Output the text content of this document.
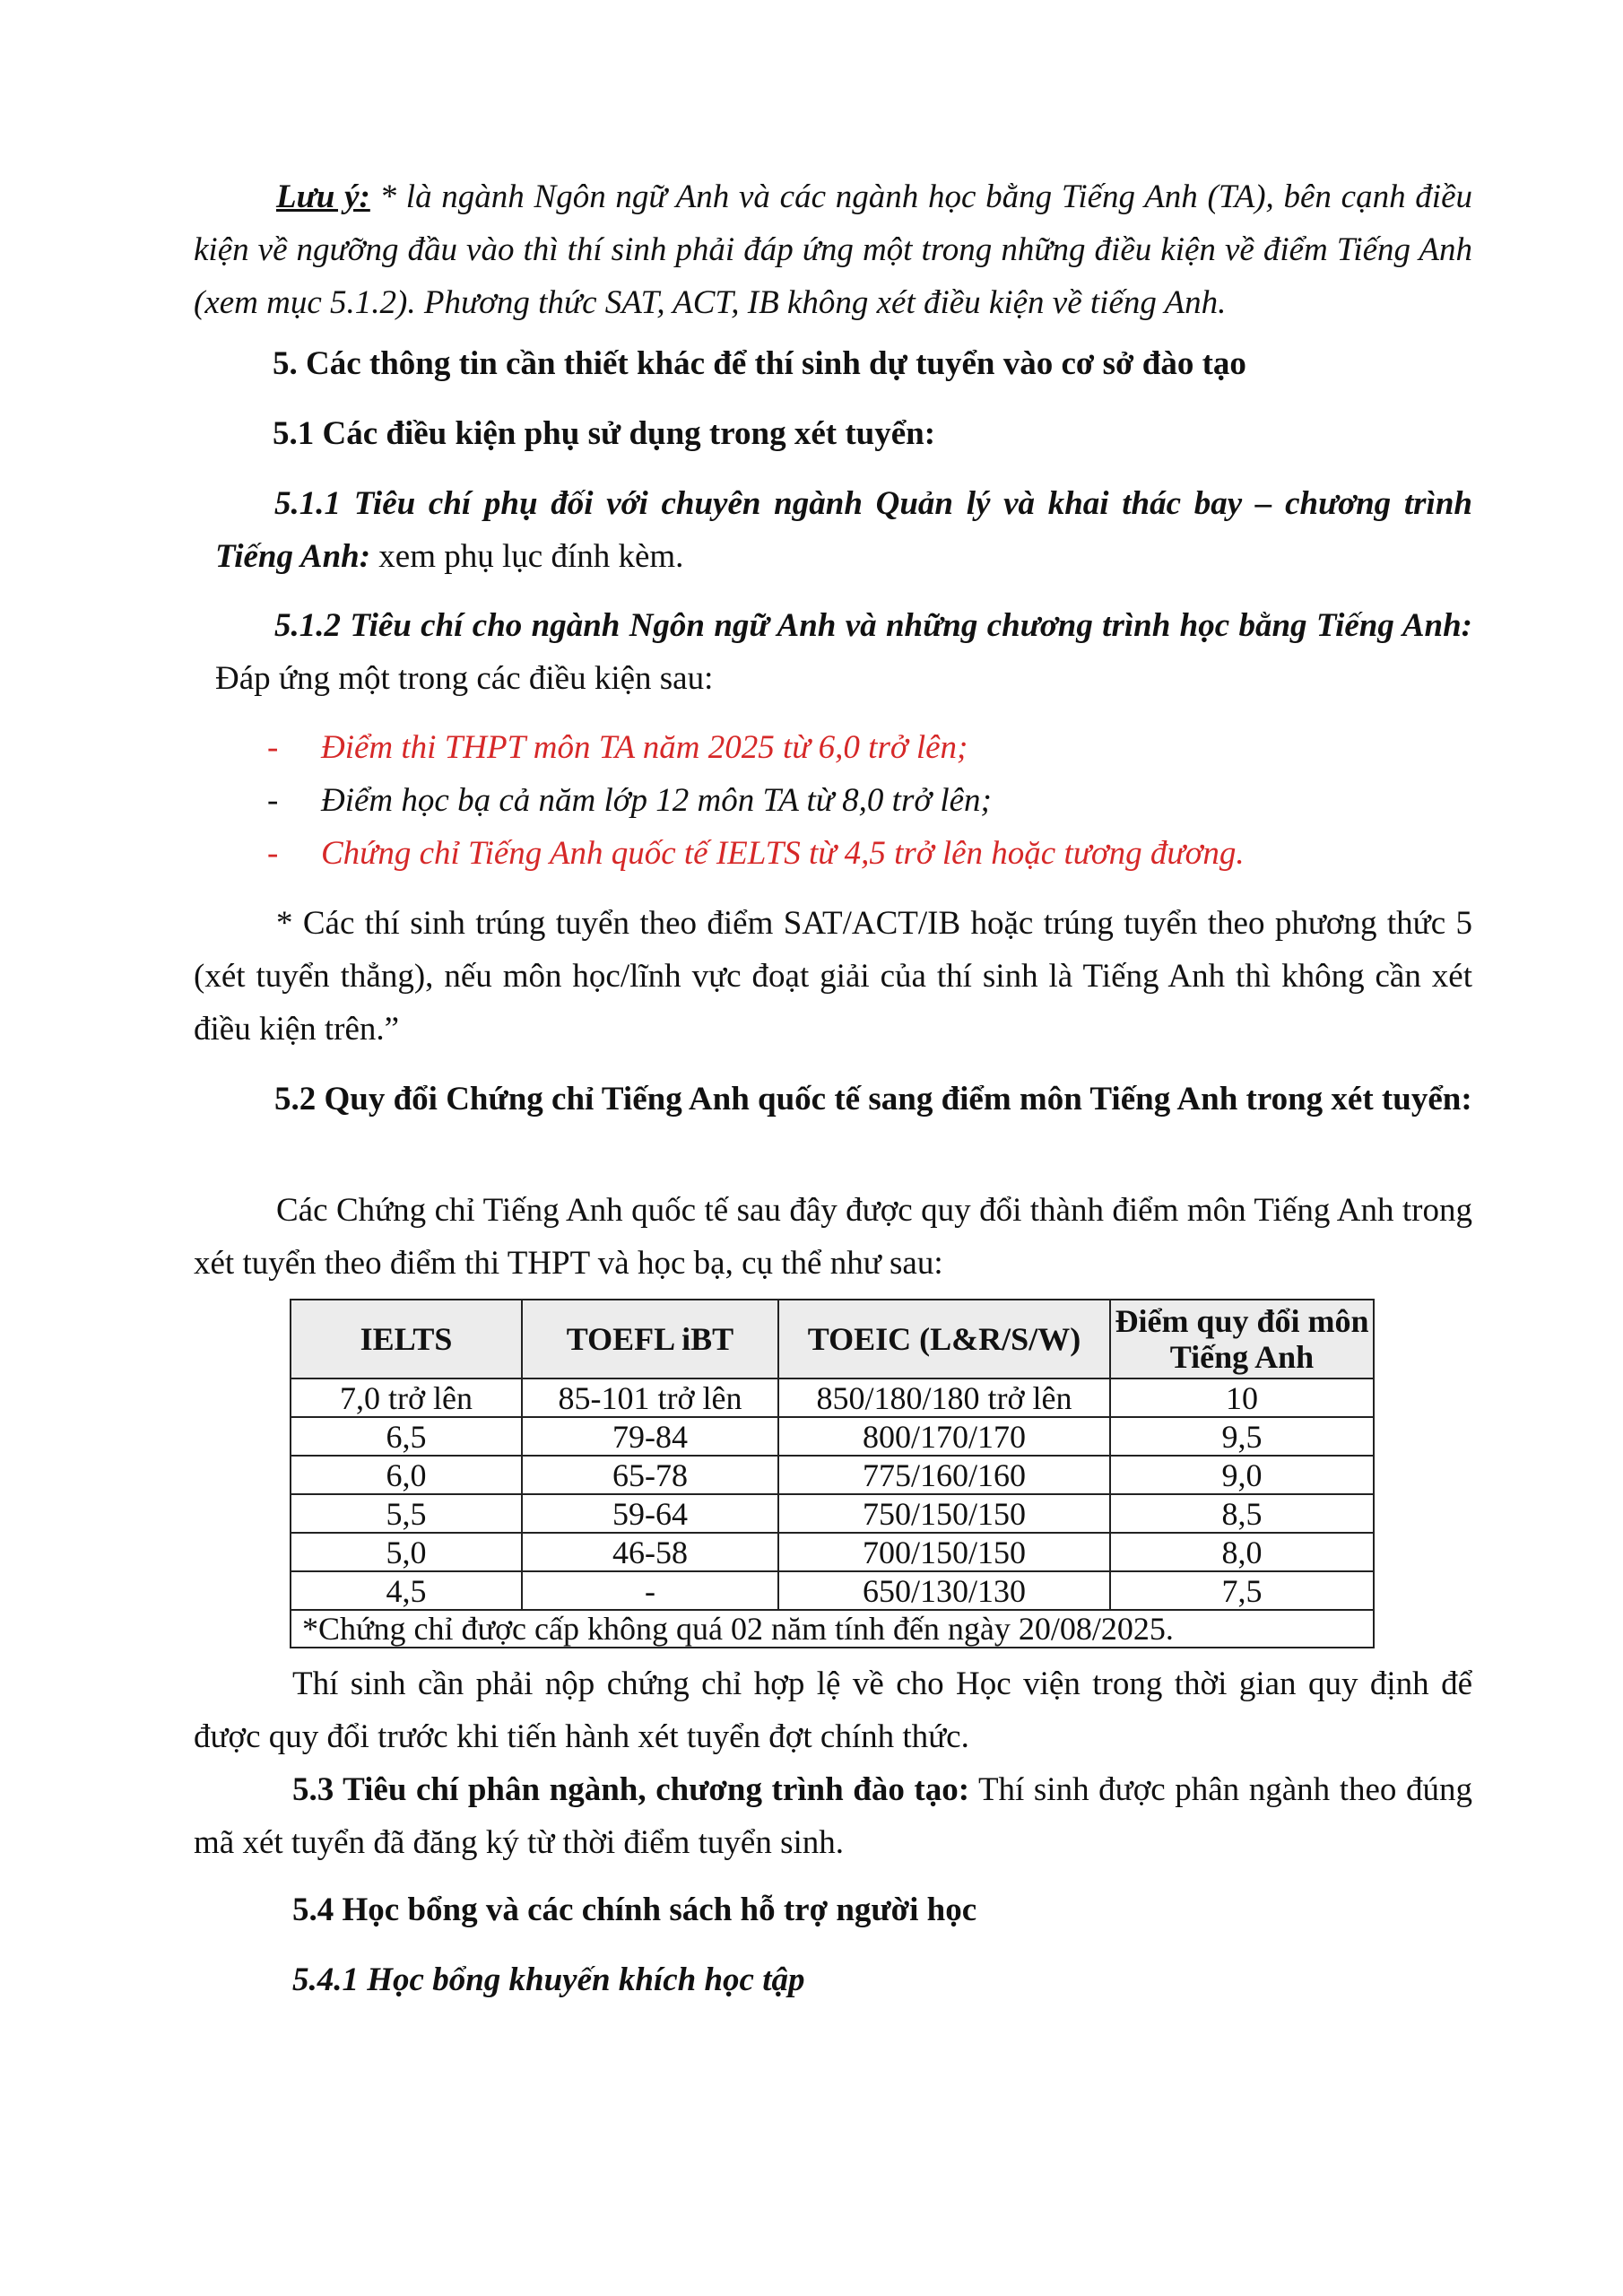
Lưu ý: * là ngành Ngôn ngữ Anh và các ngành học bằng Tiếng Anh (TA), bên cạnh điều kiện về ngưỡng đầu vào thì thí sinh phải đáp ứng một trong những điều kiện về điểm Tiếng Anh (xem mục 5.1.2). Phương thức SAT, ACT, IB không xét điều kiện về tiếng Anh.

5. Các thông tin cần thiết khác để thí sinh dự tuyển vào cơ sở đào tạo

5.1 Các điều kiện phụ sử dụng trong xét tuyển:

5.1.1 Tiêu chí phụ đối với chuyên ngành Quản lý và khai thác bay – chương trình Tiếng Anh: xem phụ lục đính kèm.

5.1.2 Tiêu chí cho ngành Ngôn ngữ Anh và những chương trình học bằng Tiếng Anh: Đáp ứng một trong các điều kiện sau:

- Điểm thi THPT môn TA năm 2025 từ 6,0 trở lên;

- Điểm học bạ cả năm lớp 12 môn TA từ 8,0 trở lên;

- Chứng chỉ Tiếng Anh quốc tế IELTS từ 4,5 trở lên hoặc tương đương.

* Các thí sinh trúng tuyển theo điểm SAT/ACT/IB hoặc trúng tuyển theo phương thức 5 (xét tuyển thẳng), nếu môn học/lĩnh vực đoạt giải của thí sinh là Tiếng Anh thì không cần xét điều kiện trên.”

5.2 Quy đổi Chứng chỉ Tiếng Anh quốc tế sang điểm môn Tiếng Anh trong xét tuyển:

Các Chứng chỉ Tiếng Anh quốc tế sau đây được quy đổi thành điểm môn Tiếng Anh trong xét tuyển theo điểm thi THPT và học bạ, cụ thể như sau:

IELTS	TOEFL iBT	TOEIC (L&R/S/W)	Điểm quy đổi môn Tiếng Anh
7,0 trở lên	85-101 trở lên	850/180/180 trở lên	10
6,5	79-84	800/170/170	9,5
6,0	65-78	775/160/160	9,0
5,5	59-64	750/150/150	8,5
5,0	46-58	700/150/150	8,0
4,5	-	650/130/130	7,5
*Chứng chỉ được cấp không quá 02 năm tính đến ngày 20/08/2025.			

Thí sinh cần phải nộp chứng chỉ hợp lệ về cho Học viện trong thời gian quy định để được quy đổi trước khi tiến hành xét tuyển đợt chính thức.

5.3 Tiêu chí phân ngành, chương trình đào tạo: Thí sinh được phân ngành theo đúng mã xét tuyển đã đăng ký từ thời điểm tuyển sinh.

5.4 Học bổng và các chính sách hỗ trợ người học

5.4.1 Học bổng khuyến khích học tập
